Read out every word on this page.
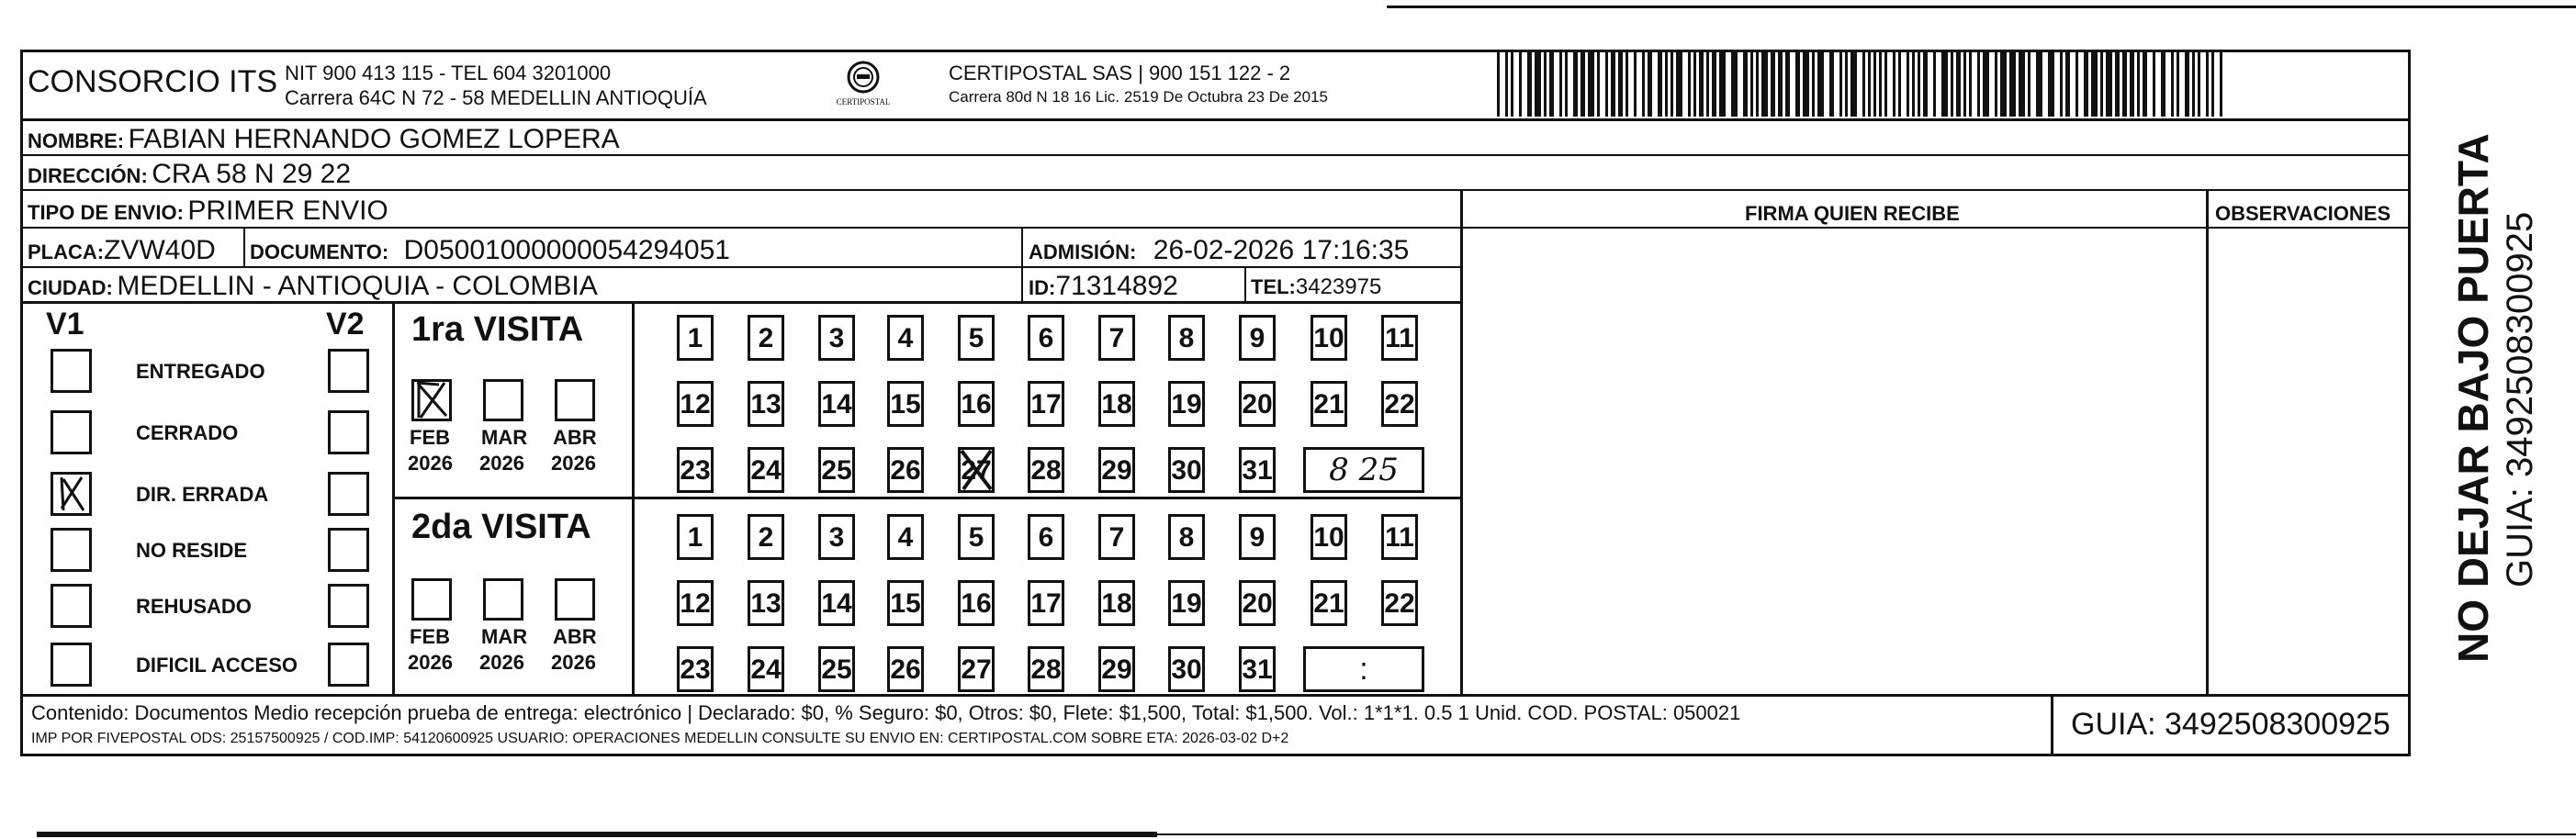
CONSORCIO ITS NIT 900 413 115 - TEL 604 3201000
Carrera 64C N 72 - 58 MEDELLIN ANTIOQUÍA	CERTIPOSTAL
CERTIPOSTAL SAS | 900 151 122 - 2
Carrera 80d N 18 16 Lic. 2519 De Octubra 23 De 2015
NOMBRE: FABIAN HERNANDO GOMEZ LOPERA
DIRECCIÓN: CRA 58 N 29 22
TIPO DE ENVIO: PRIMER ENVIO	FIRMA QUIEN RECIBE	OBSERVACIONES
PLACA:ZVW40D DOCUMENTO: D05001000000054294051	ADMISIÓN: 26-02-2026 17:16:35
CIUDAD: MEDELLIN - ANTIOQUIA - COLOMBIA	ID:71314892	TEL:3423975
V1	V2
ENTREGADO
CERRADO
DIR. ERRADA
NO RESIDE
REHUSADO
DIFICIL ACCESO
1ra VISITA
2da VISITA
FEB
2026
MAR
2026
ABR
2026
1	2	3	4	5	6	7	8	9	10 11
12 13 14 15 16 17 18 19 20 21 22
23 24 25 26 27 28 29 30 31	8 25
FEB
2026
MAR
2026
ABR
2026
1	2	3	4	5	6	7	8	9	10 11
12 13 14 15 16 17 18 19 20 21 22
23 24 25 26 27 28 29 30 31	:
Contenido: Documentos Medio recepción prueba de entrega: electrónico | Declarado: $0, % Seguro: $0, Otros: $0, Flete: $1,500, Total: $1,500. Vol.: 1*1*1. 0.5 1 Unid. COD. POSTAL: 050021
IMP POR FIVEPOSTAL ODS: 25157500925 / COD.IMP: 54120600925 USUARIO: OPERACIONES MEDELLIN CONSULTE SU ENVIO EN: CERTIPOSTAL.COM SOBRE ETA: 2026-03-02 D+2	GUIA: 3492508300925
NO DEJAR BAJO PUERTA GUIA: 3492508300925
